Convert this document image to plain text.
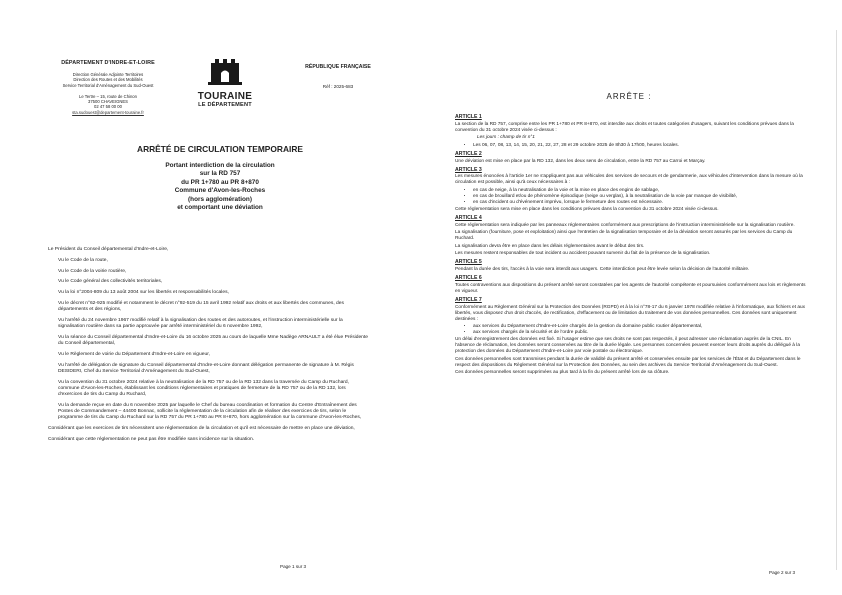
DÉPARTEMENT D'INDRE-ET-LOIRE
Direction Générale Adjointe Territoires
Direction des Routes et des Mobilités
Service Territorial d'Aménagement du Sud-Ouest

Le Tertre – 15, route de Chinon
37500 CHAVEIGNES
02 47 58 00 00
sta.sudouest@departement-touraine.fr
TOURAINE
LE DÉPARTEMENT
RÉPUBLIQUE FRANÇAISE
Réf : 2025-683
ARRÊTÉ DE CIRCULATION TEMPORAIRE
Portant interdiction de la circulation
sur la RD 757
du PR 1+780 au PR 8+870
Commune d'Avon-les-Roches
(hors agglomération)
et comportant une déviation

Le Président du Conseil départemental d'Indre-et-Loire,

Vu le Code de la route,

Vu le Code de la voirie routière,

Vu le Code général des collectivités territoriales,

Vu la loi n°2004-809 du 13 août 2004 sur les libertés et responsabilités locales,

Vu le décret n°62-925 modifié et notamment le décret n°92-519 du 15 avril 1992 relatif aux droits et aux libertés des communes, des départements et des régions,

Vu l'arrêté du 24 novembre 1967 modifié relatif à la signalisation des routes et des autoroutes, et l'instruction interministérielle sur la signalisation routière dans sa partie approuvée par arrêté interministériel du 6 novembre 1992,

Vu la séance du Conseil départemental d'Indre-et-Loire du 16 octobre 2025 au cours de laquelle Mme Nadège ARNAULT a été élue Présidente du Conseil départemental,

Vu le Règlement de voirie du Département d'Indre-et-Loire en vigueur,

Vu l'arrêté de délégation de signature du Conseil départemental d'Indre-et-Loire donnant délégation permanente de signature à M. Régis DESIDERI, Chef du Service Territorial d'Aménagement du Sud-Ouest,

Vu la convention du 31 octobre 2024 relative à la neutralisation de la RD 757 ou de la RD 132 dans la traversée du Camp du Ruchard, commune d'Avon-les-Roches, établissant les conditions réglementaires et pratiques de fermeture de la RD 757 ou de la RD 132, lors d'exercices de tirs du Camp du Ruchard,

Vu la demande reçue en date du 6 novembre 2025 par laquelle le Chef du bureau coordination et formation du Centre d'Entraînement des Postes de Commandement – 44400 Bonnac, sollicite la réglementation de la circulation afin de réaliser des exercices de tirs, selon le programme de tirs du Camp du Ruchard sur la RD 757 du PR 1+780 au PR 8+870, hors agglomération sur la commune d'Avon-les-Roches,

Considérant que les exercices de tirs nécessitent une réglementation de la circulation et qu'il est nécessaire de mettre en place une déviation,

Considérant que cette réglementation ne peut pas être modifiée sans incidence sur la situation.

Page 1 sur 3
ARRÊTE :
ARTICLE 1

La section de la RD 757, comprise entre les PR 1+780 et PR 8+870, est interdite aux droits et toutes catégories d'usagers, suivant les conditions prévues dans la convention du 31 octobre 2024 visée ci-dessus :

Les jours : champ de tir n°1

• Les 06, 07, 08, 13, 14, 15, 20, 21, 22, 27, 28 et 29 octobre 2025 de 8h30 à 17h00, heures locales.
ARTICLE 2

Une déviation est mise en place par la RD 132, dans les deux sens de circulation, entre la RD 757 au Carroi et Marçay.

ARTICLE 3

Les mesures énoncées à l'article 1er ne s'appliquent pas aux véhicules des services de secours et de gendarmerie, aux véhicules d'intervention dans la mesure où la circulation est possible, ainsi qu'à ceux nécessaires à :

• en cas de neige, à la neutralisation de la voie et la mise en place des engins de sablage,
• en cas de brouillard et/ou de phénomène épisodique (neige ou verglas), à la neutralisation de la voie par manque de visibilité,
• en cas d'incident ou d'événement imprévu, lorsque le fermeture des routes est nécessaire.

Cette réglementation sera mise en place dans les conditions prévues dans la convention du 31 octobre 2024 visée ci-dessus.

ARTICLE 4

Cette réglementation sera indiquée par les panneaux réglementaires conformément aux prescriptions de l'instruction interministérielle sur la signalisation routière.

La signalisation (fourniture, pose et exploitation) ainsi que l'entretien de la signalisation temporaire et de la déviation seront assurés par les services du Camp du Ruchard.

La signalisation devra être en place dans les délais réglementaires avant le début des tirs.

Les mesures restent responsables de tout incident ou accident pouvant survenir du fait de la présence de la signalisation.

ARTICLE 5

Pendant la durée des tirs, l'accès à la voie sera interdit aux usagers. Cette interdiction peut être levée selon la décision de l'autorité militaire.

ARTICLE 6

Toutes contraventions aux dispositions du présent arrêté seront constatées par les agents de l'autorité compétente et poursuivies conformément aux lois et règlements en vigueur.

ARTICLE 7

Conformément au Règlement Général sur la Protection des Données (RGPD) et à la loi n°78-17 du 6 janvier 1978 modifiée relative à l'informatique, aux fichiers et aux libertés, vous disposez d'un droit d'accès, de rectification, d'effacement ou de limitation du traitement de vos données personnelles. Ces données sont uniquement destinées :

• aux services du Département d'Indre-et-Loire chargés de la gestion du domaine public routier départemental,
• aux services chargés de la sécurité et de l'ordre public.

Un délai d'enregistrement des données est fixé. Si l'usager estime que ses droits ne sont pas respectés, il peut adresser une réclamation auprès de la CNIL. En l'absence de réclamation, les données seront conservées au titre de la durée légale. Les personnes concernées peuvent exercer leurs droits auprès du délégué à la protection des données du Département d'Indre-et-Loire par voie postale ou électronique.

Ces données personnelles sont transmises pendant la durée de validité du présent arrêté et conservées ensuite par les services de l'État et du Département dans le respect des dispositions du Règlement Général sur la Protection des Données, au sein des archives du Service Territorial d'Aménagement du Sud-Ouest.

Ces données personnelles seront supprimées au plus tard à la fin du présent arrêté lors de sa clôture.

Page 2 sur 3
